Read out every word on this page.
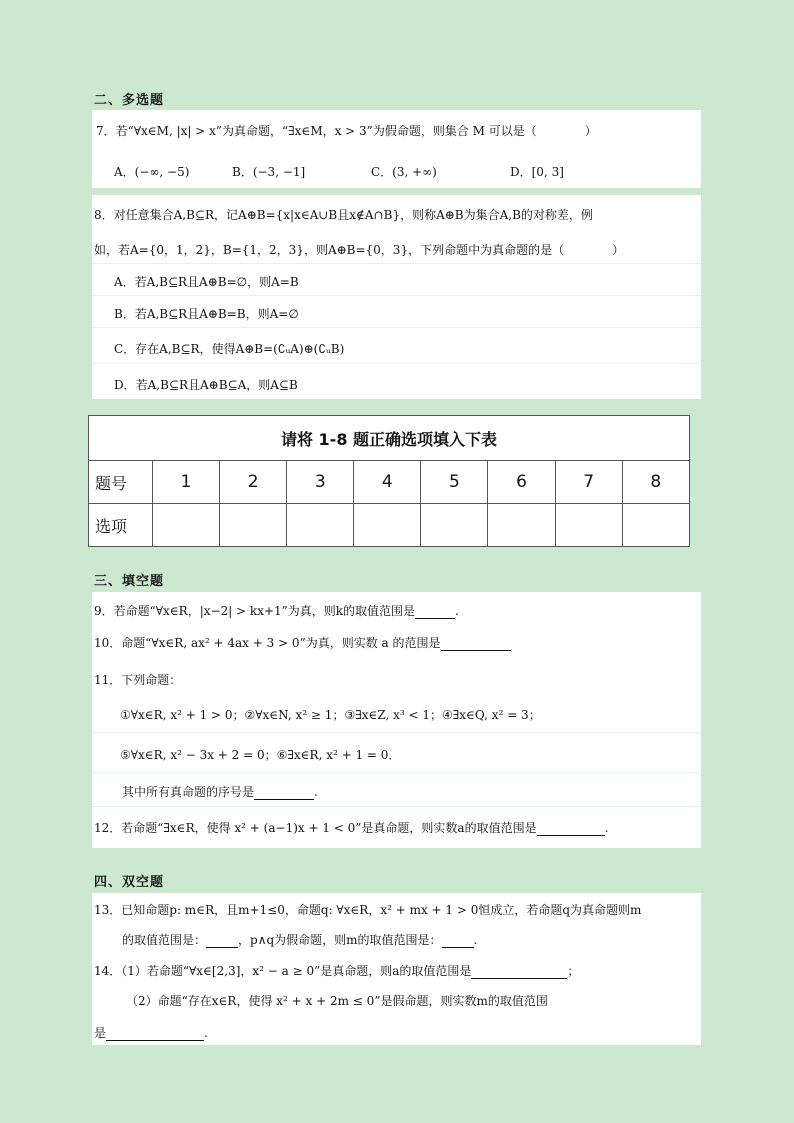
二、多选题
7．若“∀x∈M, |x| > x”为真命题，“∃x∈M，x > 3”为假命题，则集合 M 可以是（　　　　）
A．(−∞, −5)	B．(−3, −1]	C．(3, +∞)	D．[0, 3]
8．对任意集合A,B⊆R，记A⊕B={x|x∈A∪B且x∉A∩B}，则称A⊕B为集合A,B的对称差，例
如，若A={0，1，2}，B={1，2，3}，则A⊕B={0，3}，下列命题中为真命题的是（　　　　）
A．若A,B⊆R且A⊕B=∅，则A=B
B．若A,B⊆R且A⊕B=B，则A=∅
C．存在A,B⊆R，使得A⊕B=(∁ᵤA)⊕(∁ᵤB)
D．若A,B⊆R且A⊕B⊆A，则A⊆B
请将 1-8 题正确选项填入下表								
题号	1	2	3	4	5	6	7	8
选项								
三、填空题
9．若命题“∀x∈R，|x−2| > kx+1”为真，则k的取值范围是	.
10．命题“∀x∈R, ax² + 4ax + 3 > 0”为真，则实数 a 的范围是
11．下列命题：
①∀x∈R, x² + 1 > 0；②∀x∈N, x² ≥ 1；③∃x∈Z, x³ < 1；④∃x∈Q, x² = 3；
⑤∀x∈R, x² − 3x + 2 = 0；⑥∃x∈R, x² + 1 = 0．
其中所有真命题的序号是	.
12．若命题“∃x∈R，使得 x² + (a−1)x + 1 < 0”是真命题，则实数a的取值范围是	.
四、双空题
13．已知命题p: m∈R，且m+1≤0，命题q: ∀x∈R，x² + mx + 1 > 0恒成立，若命题q为真命题则m
的取值范围是：	，p∧q为假命题，则m的取值范围是：	.
14．（1）若命题“∀x∈[2,3]，x² − a ≥ 0”是真命题，则a的取值范围是	；
（2）命题“存在x∈R，使得 x² + x + 2m ≤ 0”是假命题，则实数m的取值范围
是	.
